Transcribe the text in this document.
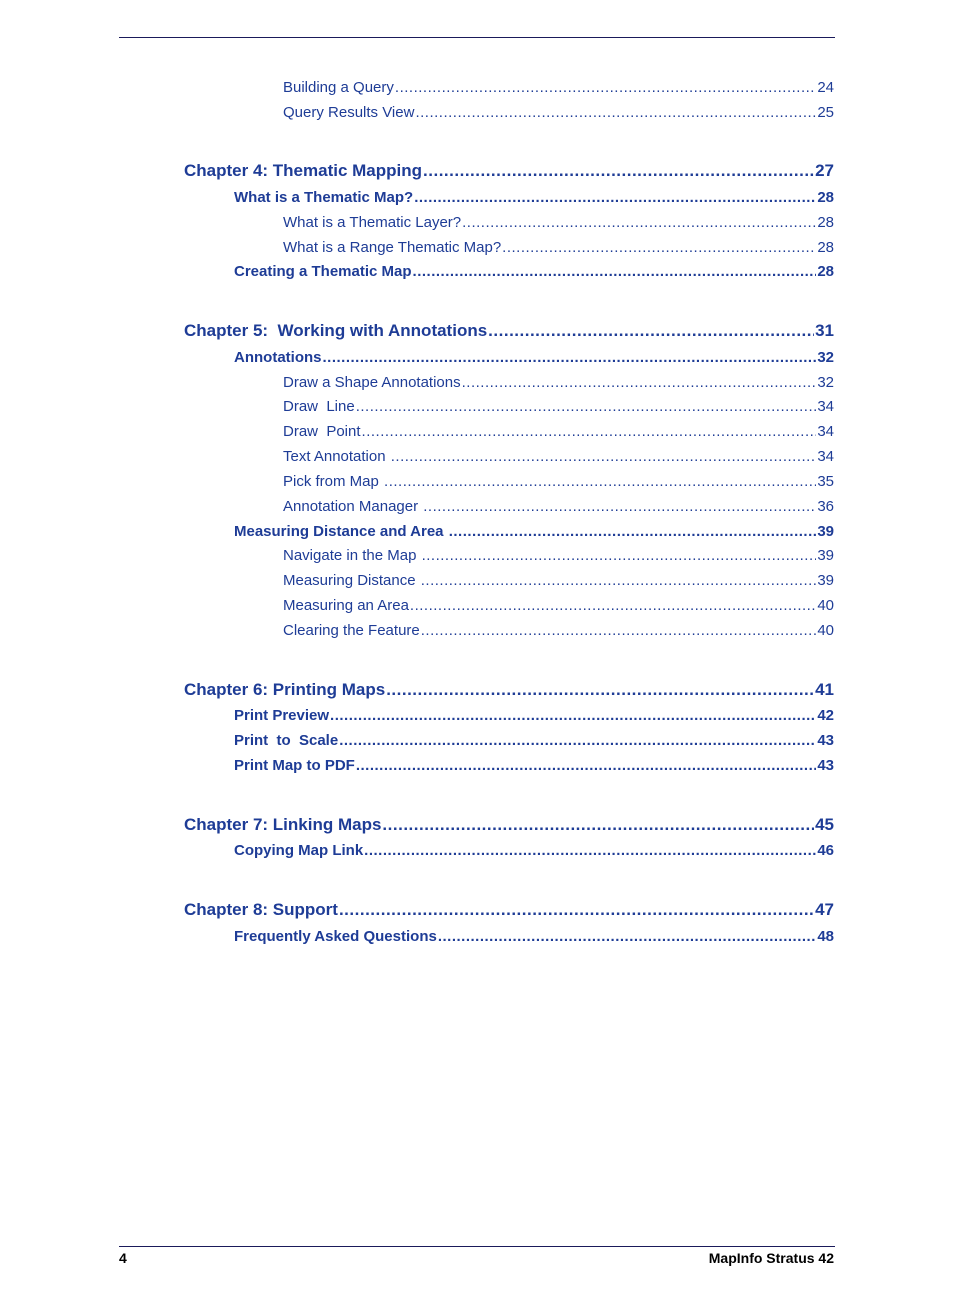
Building a Query .....	24
Query Results View .....	25
Chapter 4: Thematic Mapping .....	27
What is a Thematic Map? .....	28
What is a Thematic Layer? .....	28
What is a Range Thematic Map? .....	28
Creating a Thematic Map .....	28
Chapter 5:  Working with Annotations .....	31
Annotations .....	32
Draw a Shape Annotations .....	32
Draw  Line .....	34
Draw  Point .....	34
Text Annotation .....	34
Pick from Map .....	35
Annotation Manager .....	36
Measuring Distance and Area .....	39
Navigate in the Map .....	39
Measuring Distance .....	39
Measuring an Area .....	40
Clearing the Feature .....	40
Chapter 6: Printing Maps .....	41
Print Preview .....	42
Print  to  Scale .....	43
Print Map to PDF .....	43
Chapter 7: Linking Maps .....	45
Copying Map Link .....	46
Chapter 8: Support .....	47
Frequently Asked Questions .....	48
4	MapInfo Stratus 42
